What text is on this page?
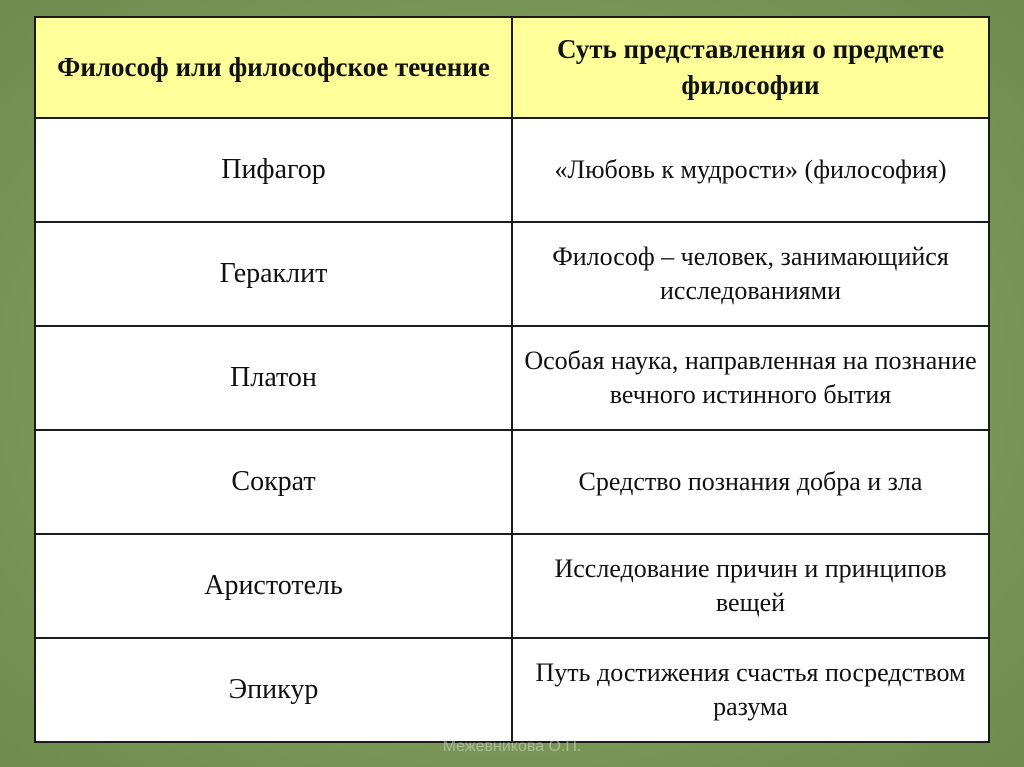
Философ или философское течение	Суть представления о предмете философии
Пифагор	«Любовь к мудрости» (философия)
Гераклит	Философ – человек, занимающийся исследованиями
Платон	Особая наука, направленная на познание вечного истинного бытия
Сократ	Средство познания добра и зла
Аристотель	Исследование причин и принципов вещей
Эпикур	Путь достижения счастья посредством разума
Межевникова О.П.
